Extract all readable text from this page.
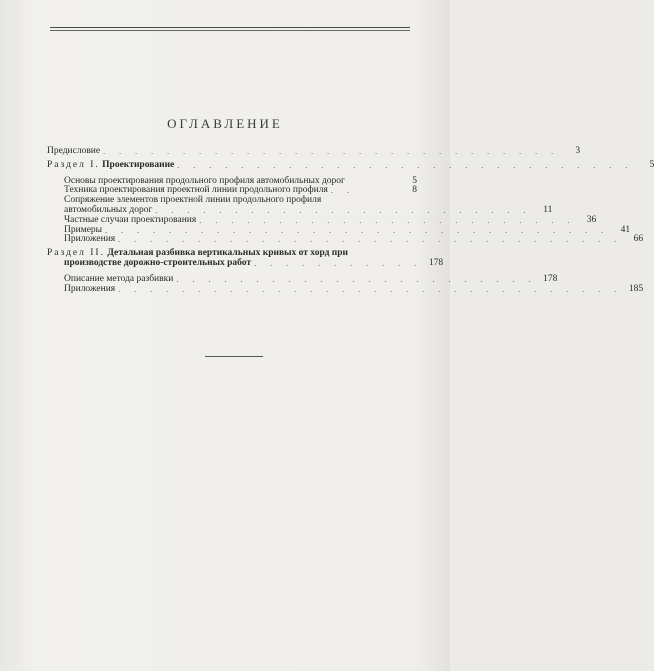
ОГЛАВЛЕНИЕ
Предисловие . . . . . . . . . . . . . . . . . . . . . . . . . . . . .	3
Раздел I. Проектирование . . . . . . . . . . . . . . . . . . . . . . . . . . . . .	5
Основы проектирования продольного профиля автомобильных дорог	5
Техника проектирования проектной линии продольного профиля . .	8
Сопряжение элементов проектной линии продольного профиля
автомобильных дорог . . . . . . . . . . . . . . . . . . . . . . . .	11
Частные случаи проектирования . . . . . . . . . . . . . . . . . . . . . . . .	36
Примеры . . . . . . . . . . . . . . . . . . . . . . . . . . . . . . . .	41
Приложения . . . . . . . . . . . . . . . . . . . . . . . . . . . . . . . .	66
Раздел II. Детальная разбивка вертикальных кривых от хорд при
производстве дорожно-строительных работ . . . . . . . . . . . 178
Описание метода разбивки . . . . . . . . . . . . . . . . . . . . . . . 178
Приложения . . . . . . . . . . . . . . . . . . . . . . . . . . . . . . . . 185
